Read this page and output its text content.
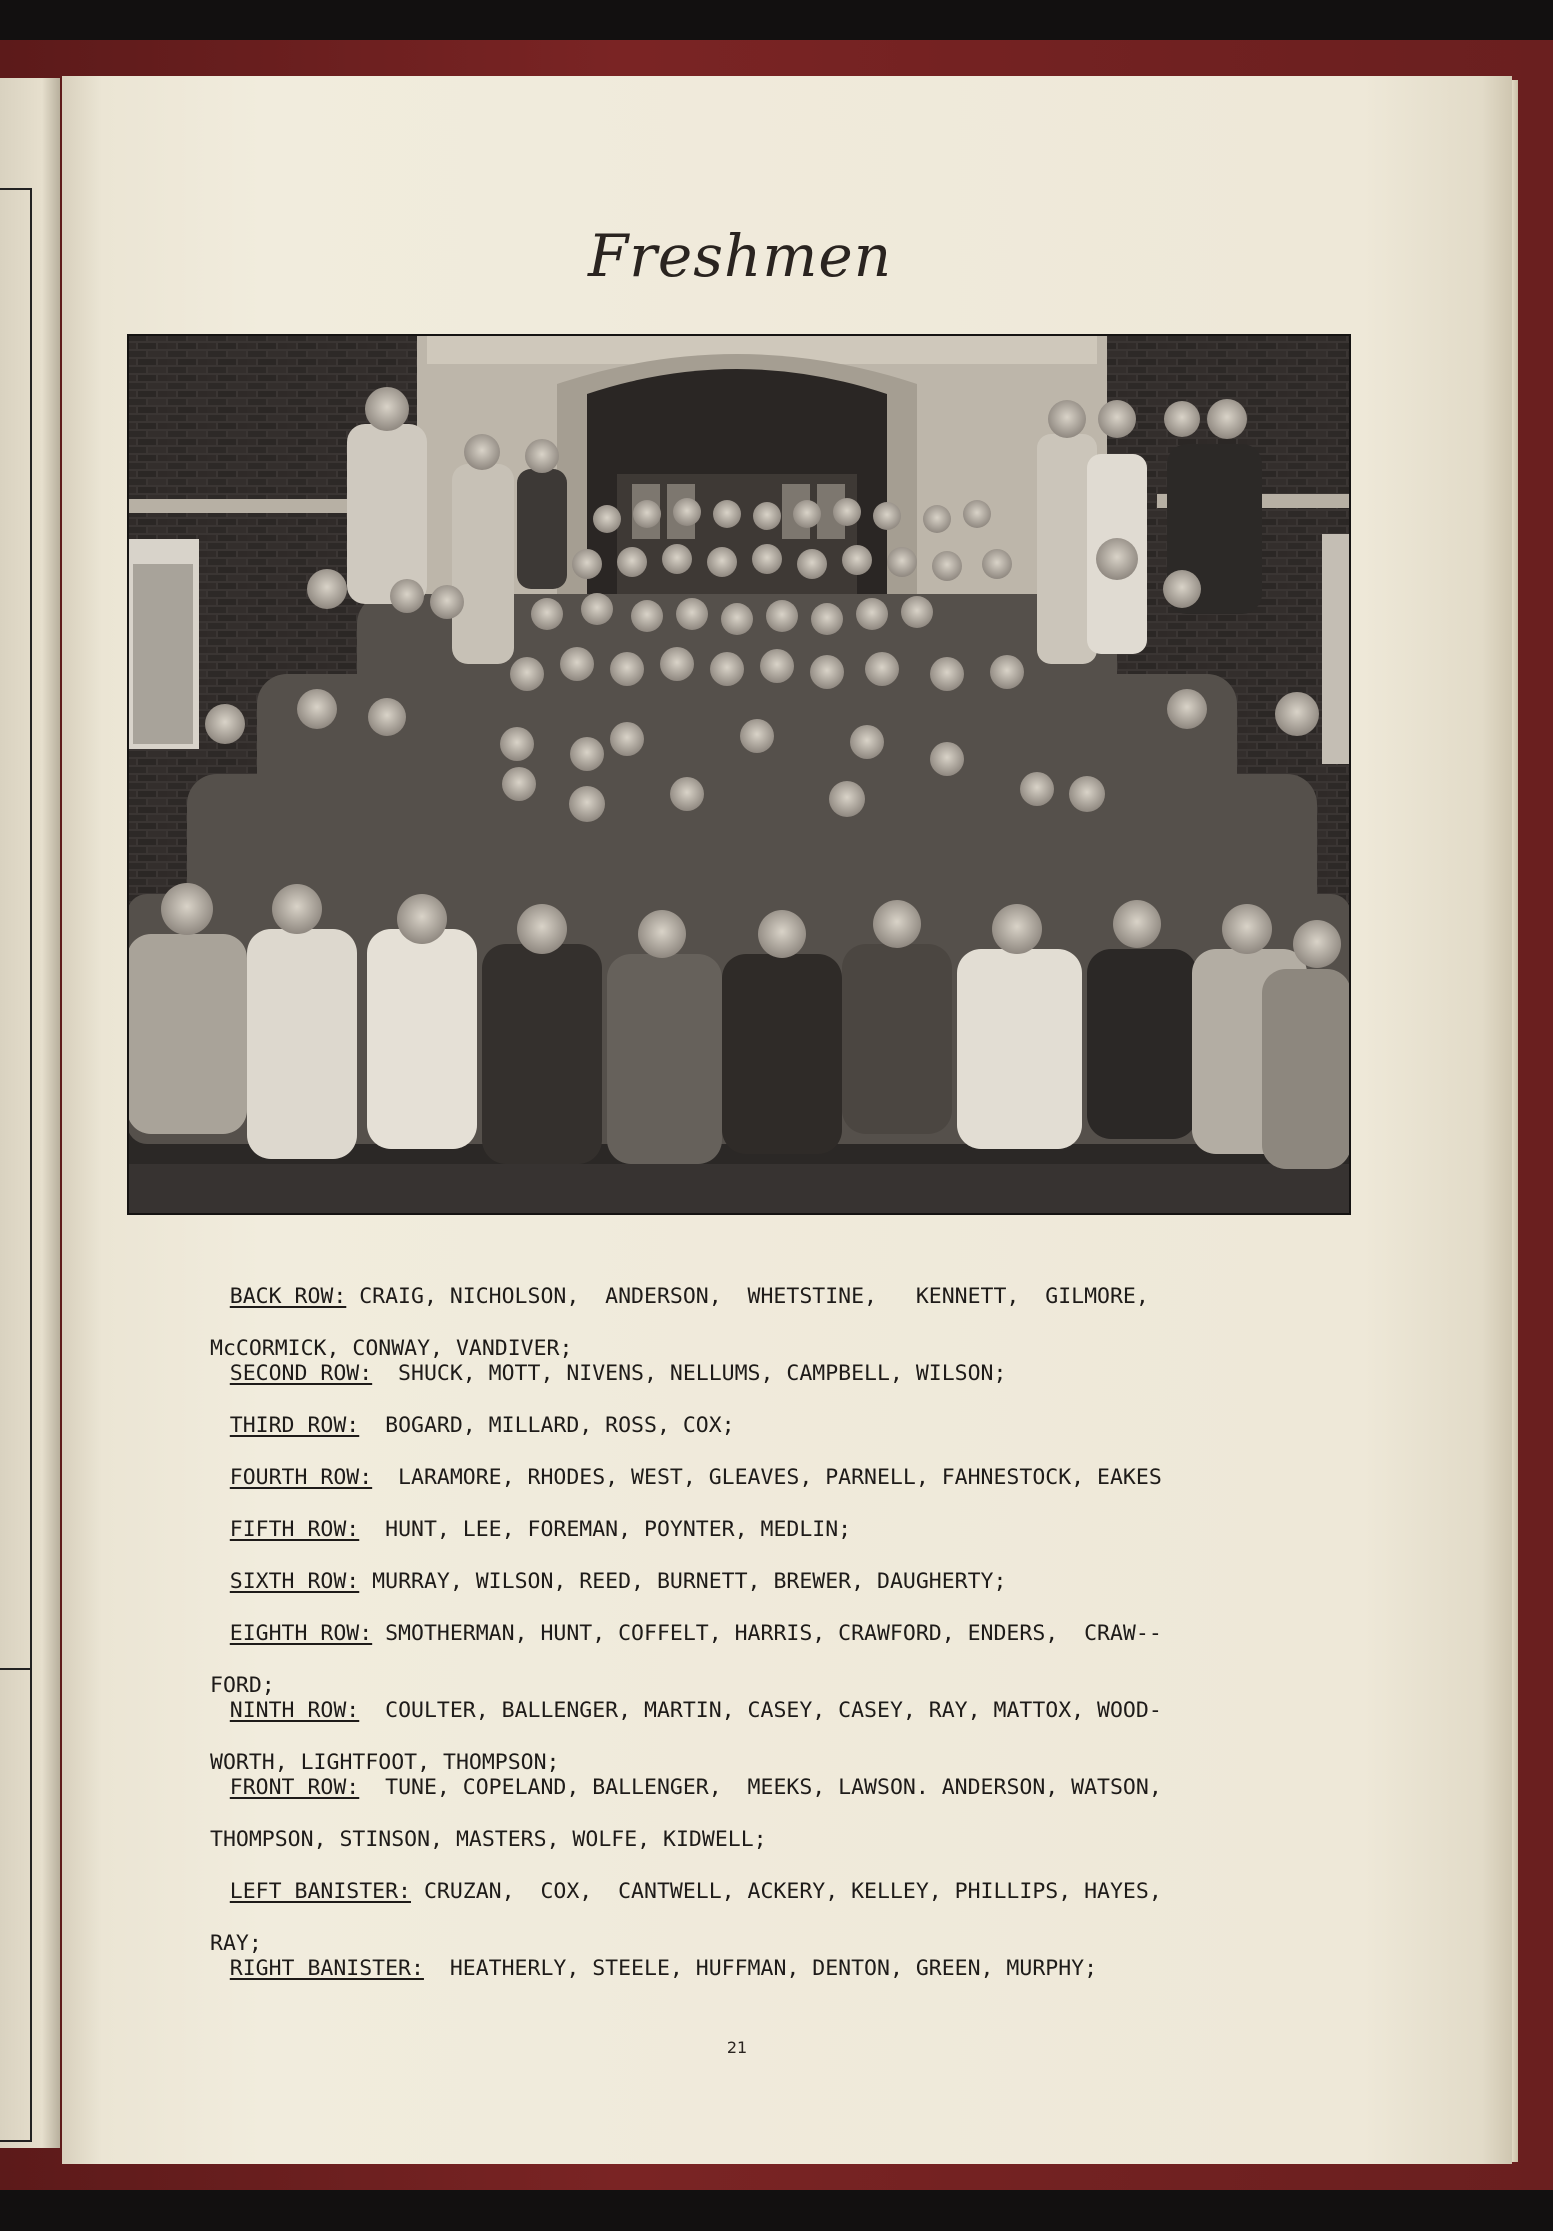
Freshmen

BACK ROW: CRAIG, NICHOLSON,  ANDERSON,  WHETSTINE,   KENNETT,  GILMORE,

McCORMICK, CONWAY, VANDIVER;

SECOND ROW:  SHUCK, MOTT, NIVENS, NELLUMS, CAMPBELL, WILSON;

THIRD ROW:  BOGARD, MILLARD, ROSS, COX;

FOURTH ROW:  LARAMORE, RHODES, WEST, GLEAVES, PARNELL, FAHNESTOCK, EAKES

FIFTH ROW:  HUNT, LEE, FOREMAN, POYNTER, MEDLIN;

SIXTH ROW: MURRAY, WILSON, REED, BURNETT, BREWER, DAUGHERTY;

EIGHTH ROW: SMOTHERMAN, HUNT, COFFELT, HARRIS, CRAWFORD, ENDERS,  CRAW--

FORD;

NINTH ROW:  COULTER, BALLENGER, MARTIN, CASEY, CASEY, RAY, MATTOX, WOOD-

WORTH, LIGHTFOOT, THOMPSON;

FRONT ROW:  TUNE, COPELAND, BALLENGER,  MEEKS, LAWSON. ANDERSON, WATSON,

THOMPSON, STINSON, MASTERS, WOLFE, KIDWELL;

LEFT BANISTER: CRUZAN,  COX,  CANTWELL, ACKERY, KELLEY, PHILLIPS, HAYES,

RAY;

RIGHT BANISTER:  HEATHERLY, STEELE, HUFFMAN, DENTON, GREEN, MURPHY;

21
